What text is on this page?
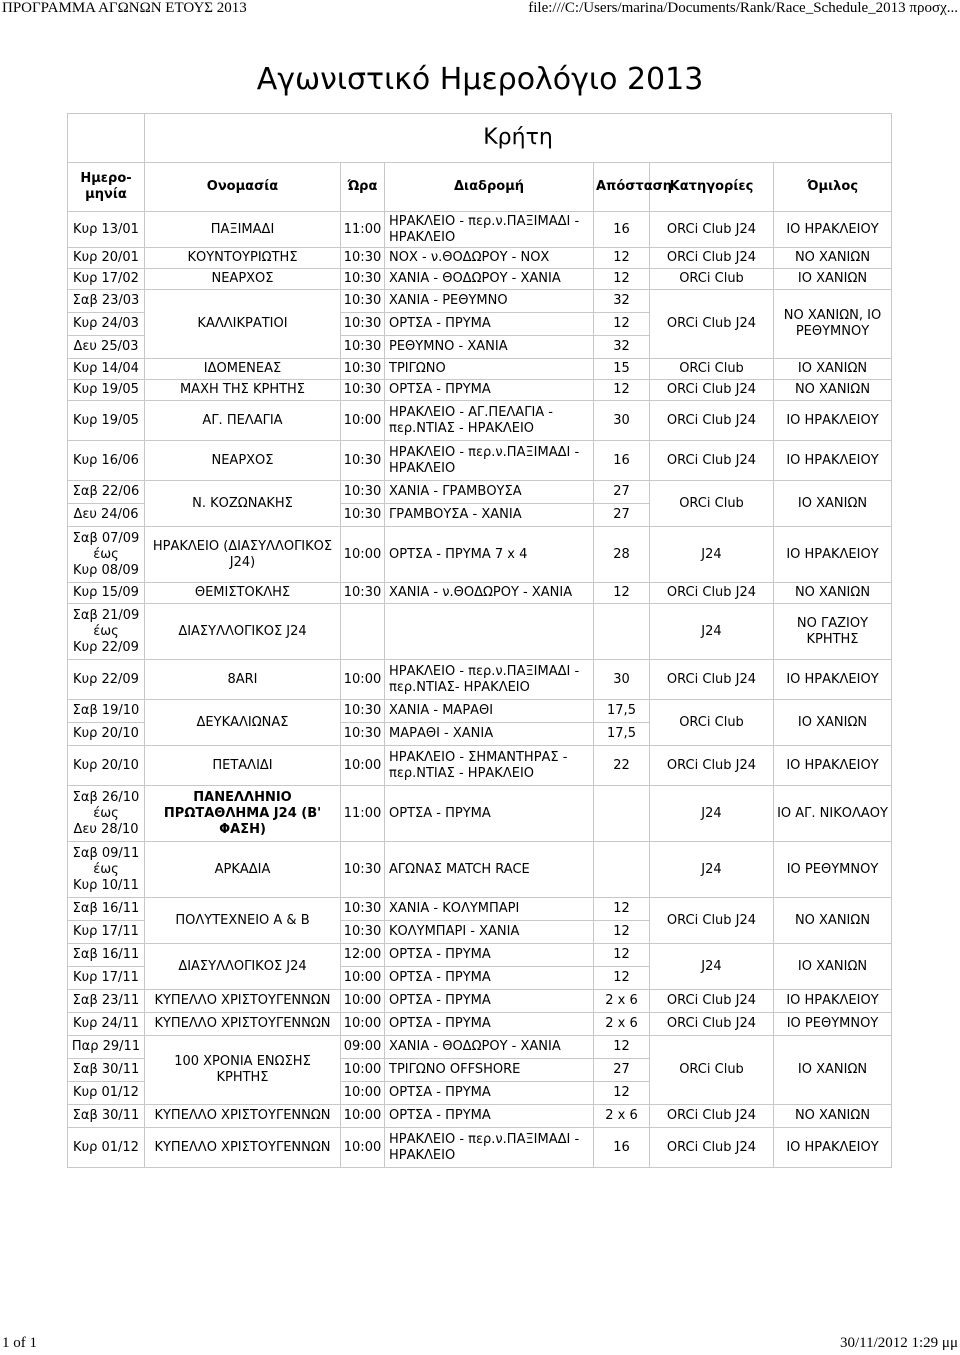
ΠΡΟΓΡΑΜΜΑ ΑΓΩΝΩΝ ΕΤΟΥΣ 2013	file:///C:/Users/marina/Documents/Rank/Race_Schedule_2013 προσχ...
Αγωνιστικό Ημερολόγιο 2013
	Κρήτη					
Ημερο-μηνία	Ονομασία	Ώρα	Διαδρομή	Απόσταση	Κατηγορίες	Όμιλος
Κυρ 13/01	ΠΑΞΙΜΑΔΙ	11:00	ΗΡΑΚΛΕΙΟ - περ.ν.ΠΑΞΙΜΑΔΙ - ΗΡΑΚΛΕΙΟ	16	ORCi Club J24	ΙΟ ΗΡΑΚΛΕΙΟΥ
Κυρ 20/01	ΚΟΥΝΤΟΥΡΙΩΤΗΣ	10:30	ΝΟΧ - ν.ΘΟΔΩΡΟΥ - ΝΟΧ	12	ORCi Club J24	ΝΟ ΧΑΝΙΩΝ
Κυρ 17/02	ΝΕΑΡΧΟΣ	10:30	ΧΑΝΙΑ - ΘΟΔΩΡΟΥ - ΧΑΝΙΑ	12	ORCi Club	ΙΟ ΧΑΝΙΩΝ
Σαβ 23/03	ΚΑΛΛΙΚΡΑΤΙΟΙ	10:30	ΧΑΝΙΑ - ΡΕΘΥΜΝΟ	32	ORCi Club J24	ΝΟ ΧΑΝΙΩΝ, ΙΟ ΡΕΘΥΜΝΟΥ
Κυρ 24/03		10:30	ΟΡΤΣΑ - ΠΡΥΜΑ	12		
Δευ 25/03		10:30	ΡΕΘΥΜΝΟ - ΧΑΝΙΑ	32		
Κυρ 14/04	ΙΔΟΜΕΝΕΑΣ	10:30	ΤΡΙΓΩΝΟ	15	ORCi Club	ΙΟ ΧΑΝΙΩΝ
Κυρ 19/05	ΜΑΧΗ ΤΗΣ ΚΡΗΤΗΣ	10:30	ΟΡΤΣΑ - ΠΡΥΜΑ	12	ORCi Club J24	ΝΟ ΧΑΝΙΩΝ
Κυρ 19/05	ΑΓ. ΠΕΛΑΓΙΑ	10:00	ΗΡΑΚΛΕΙΟ - ΑΓ.ΠΕΛΑΓΙΑ - περ.ΝΤΙΑΣ - ΗΡΑΚΛΕΙΟ	30	ORCi Club J24	ΙΟ ΗΡΑΚΛΕΙΟΥ
Κυρ 16/06	ΝΕΑΡΧΟΣ	10:30	ΗΡΑΚΛΕΙΟ - περ.ν.ΠΑΞΙΜΑΔΙ - ΗΡΑΚΛΕΙΟ	16	ORCi Club J24	ΙΟ ΗΡΑΚΛΕΙΟΥ
Σαβ 22/06	Ν. ΚΟΖΩΝΑΚΗΣ	10:30	ΧΑΝΙΑ - ΓΡΑΜΒΟΥΣΑ	27	ORCi Club	ΙΟ ΧΑΝΙΩΝ
Δευ 24/06		10:30	ΓΡΑΜΒΟΥΣΑ - ΧΑΝΙΑ	27		

Σαβ 07/09
έως
Κυρ 08/09	ΗΡΑΚΛΕΙΟ (ΔΙΑΣΥΛΛΟΓΙΚΟΣ J24)	10:00	ΟΡΤΣΑ - ΠΡΥΜΑ 7 x 4	28	J24	ΙΟ ΗΡΑΚΛΕΙΟΥ
Κυρ 15/09	ΘΕΜΙΣΤΟΚΛΗΣ	10:30	ΧΑΝΙΑ - ν.ΘΟΔΩΡΟΥ - ΧΑΝΙΑ	12	ORCi Club J24	ΝΟ ΧΑΝΙΩΝ

Σαβ 21/09
έως
Κυρ 22/09	ΔΙΑΣΥΛΛΟΓΙΚΟΣ J24				J24	ΝΟ ΓΑΖΙΟΥ ΚΡΗΤΗΣ
Κυρ 22/09	8ARI	10:00	ΗΡΑΚΛΕΙΟ - περ.ν.ΠΑΞΙΜΑΔΙ - περ.ΝΤΙΑΣ- ΗΡΑΚΛΕΙΟ	30	ORCi Club J24	ΙΟ ΗΡΑΚΛΕΙΟΥ
Σαβ 19/10	ΔΕΥΚΑΛΙΩΝΑΣ	10:30	ΧΑΝΙΑ - ΜΑΡΑΘΙ	17,5	ORCi Club	ΙΟ ΧΑΝΙΩΝ
Κυρ 20/10		10:30	ΜΑΡΑΘΙ - ΧΑΝΙΑ	17,5		
Κυρ 20/10	ΠΕΤΑΛΙΔΙ	10:00	ΗΡΑΚΛΕΙΟ - ΣΗΜΑΝΤΗΡΑΣ - περ.ΝΤΙΑΣ - ΗΡΑΚΛΕΙΟ	22	ORCi Club J24	ΙΟ ΗΡΑΚΛΕΙΟΥ

Σαβ 26/10
έως
Δευ 28/10	ΠΑΝΕΛΛΗΝΙΟ ΠΡΩΤΑΘΛΗΜΑ J24 (Β' ΦΑΣΗ)	11:00	ΟΡΤΣΑ - ΠΡΥΜΑ		J24	ΙΟ ΑΓ. ΝΙΚΟΛΑΟΥ

Σαβ 09/11
έως
Κυρ 10/11	ΑΡΚΑΔΙΑ	10:30	ΑΓΩΝΑΣ MATCH RACE		J24	ΙΟ ΡΕΘΥΜΝΟΥ
Σαβ 16/11	ΠΟΛΥΤΕΧΝΕΙΟ Α & Β	10:30	ΧΑΝΙΑ - ΚΟΛΥΜΠΑΡΙ	12	ORCi Club J24	ΝΟ ΧΑΝΙΩΝ
Κυρ 17/11		10:30	ΚΟΛΥΜΠΑΡΙ - ΧΑΝΙΑ	12		
Σαβ 16/11	ΔΙΑΣΥΛΛΟΓΙΚΟΣ J24	12:00	ΟΡΤΣΑ - ΠΡΥΜΑ	12	J24	ΙΟ ΧΑΝΙΩΝ
Κυρ 17/11		10:00	ΟΡΤΣΑ - ΠΡΥΜΑ	12		
Σαβ 23/11	ΚΥΠΕΛΛΟ ΧΡΙΣΤΟΥΓΕΝΝΩΝ	10:00	ΟΡΤΣΑ - ΠΡΥΜΑ	2 x 6	ORCi Club J24	ΙΟ ΗΡΑΚΛΕΙΟΥ
Κυρ 24/11	ΚΥΠΕΛΛΟ ΧΡΙΣΤΟΥΓΕΝΝΩΝ	10:00	ΟΡΤΣΑ - ΠΡΥΜΑ	2 x 6	ORCi Club J24	ΙΟ ΡΕΘΥΜΝΟΥ
Παρ 29/11	100 ΧΡΟΝΙΑ ΕΝΩΣΗΣ ΚΡΗΤΗΣ	09:00	ΧΑΝΙΑ - ΘΟΔΩΡΟΥ - ΧΑΝΙΑ	12	ORCi Club	ΙΟ ΧΑΝΙΩΝ
Σαβ 30/11		10:00	ΤΡΙΓΩΝΟ OFFSHORE	27		
Κυρ 01/12		10:00	ΟΡΤΣΑ - ΠΡΥΜΑ	12		
Σαβ 30/11	ΚΥΠΕΛΛΟ ΧΡΙΣΤΟΥΓΕΝΝΩΝ	10:00	ΟΡΤΣΑ - ΠΡΥΜΑ	2 x 6	ORCi Club J24	ΝΟ ΧΑΝΙΩΝ
Κυρ 01/12	ΚΥΠΕΛΛΟ ΧΡΙΣΤΟΥΓΕΝΝΩΝ	10:00	ΗΡΑΚΛΕΙΟ - περ.ν.ΠΑΞΙΜΑΔΙ - ΗΡΑΚΛΕΙΟ	16	ORCi Club J24	ΙΟ ΗΡΑΚΛΕΙΟΥ
1 of 1	30/11/2012 1:29 μμ
